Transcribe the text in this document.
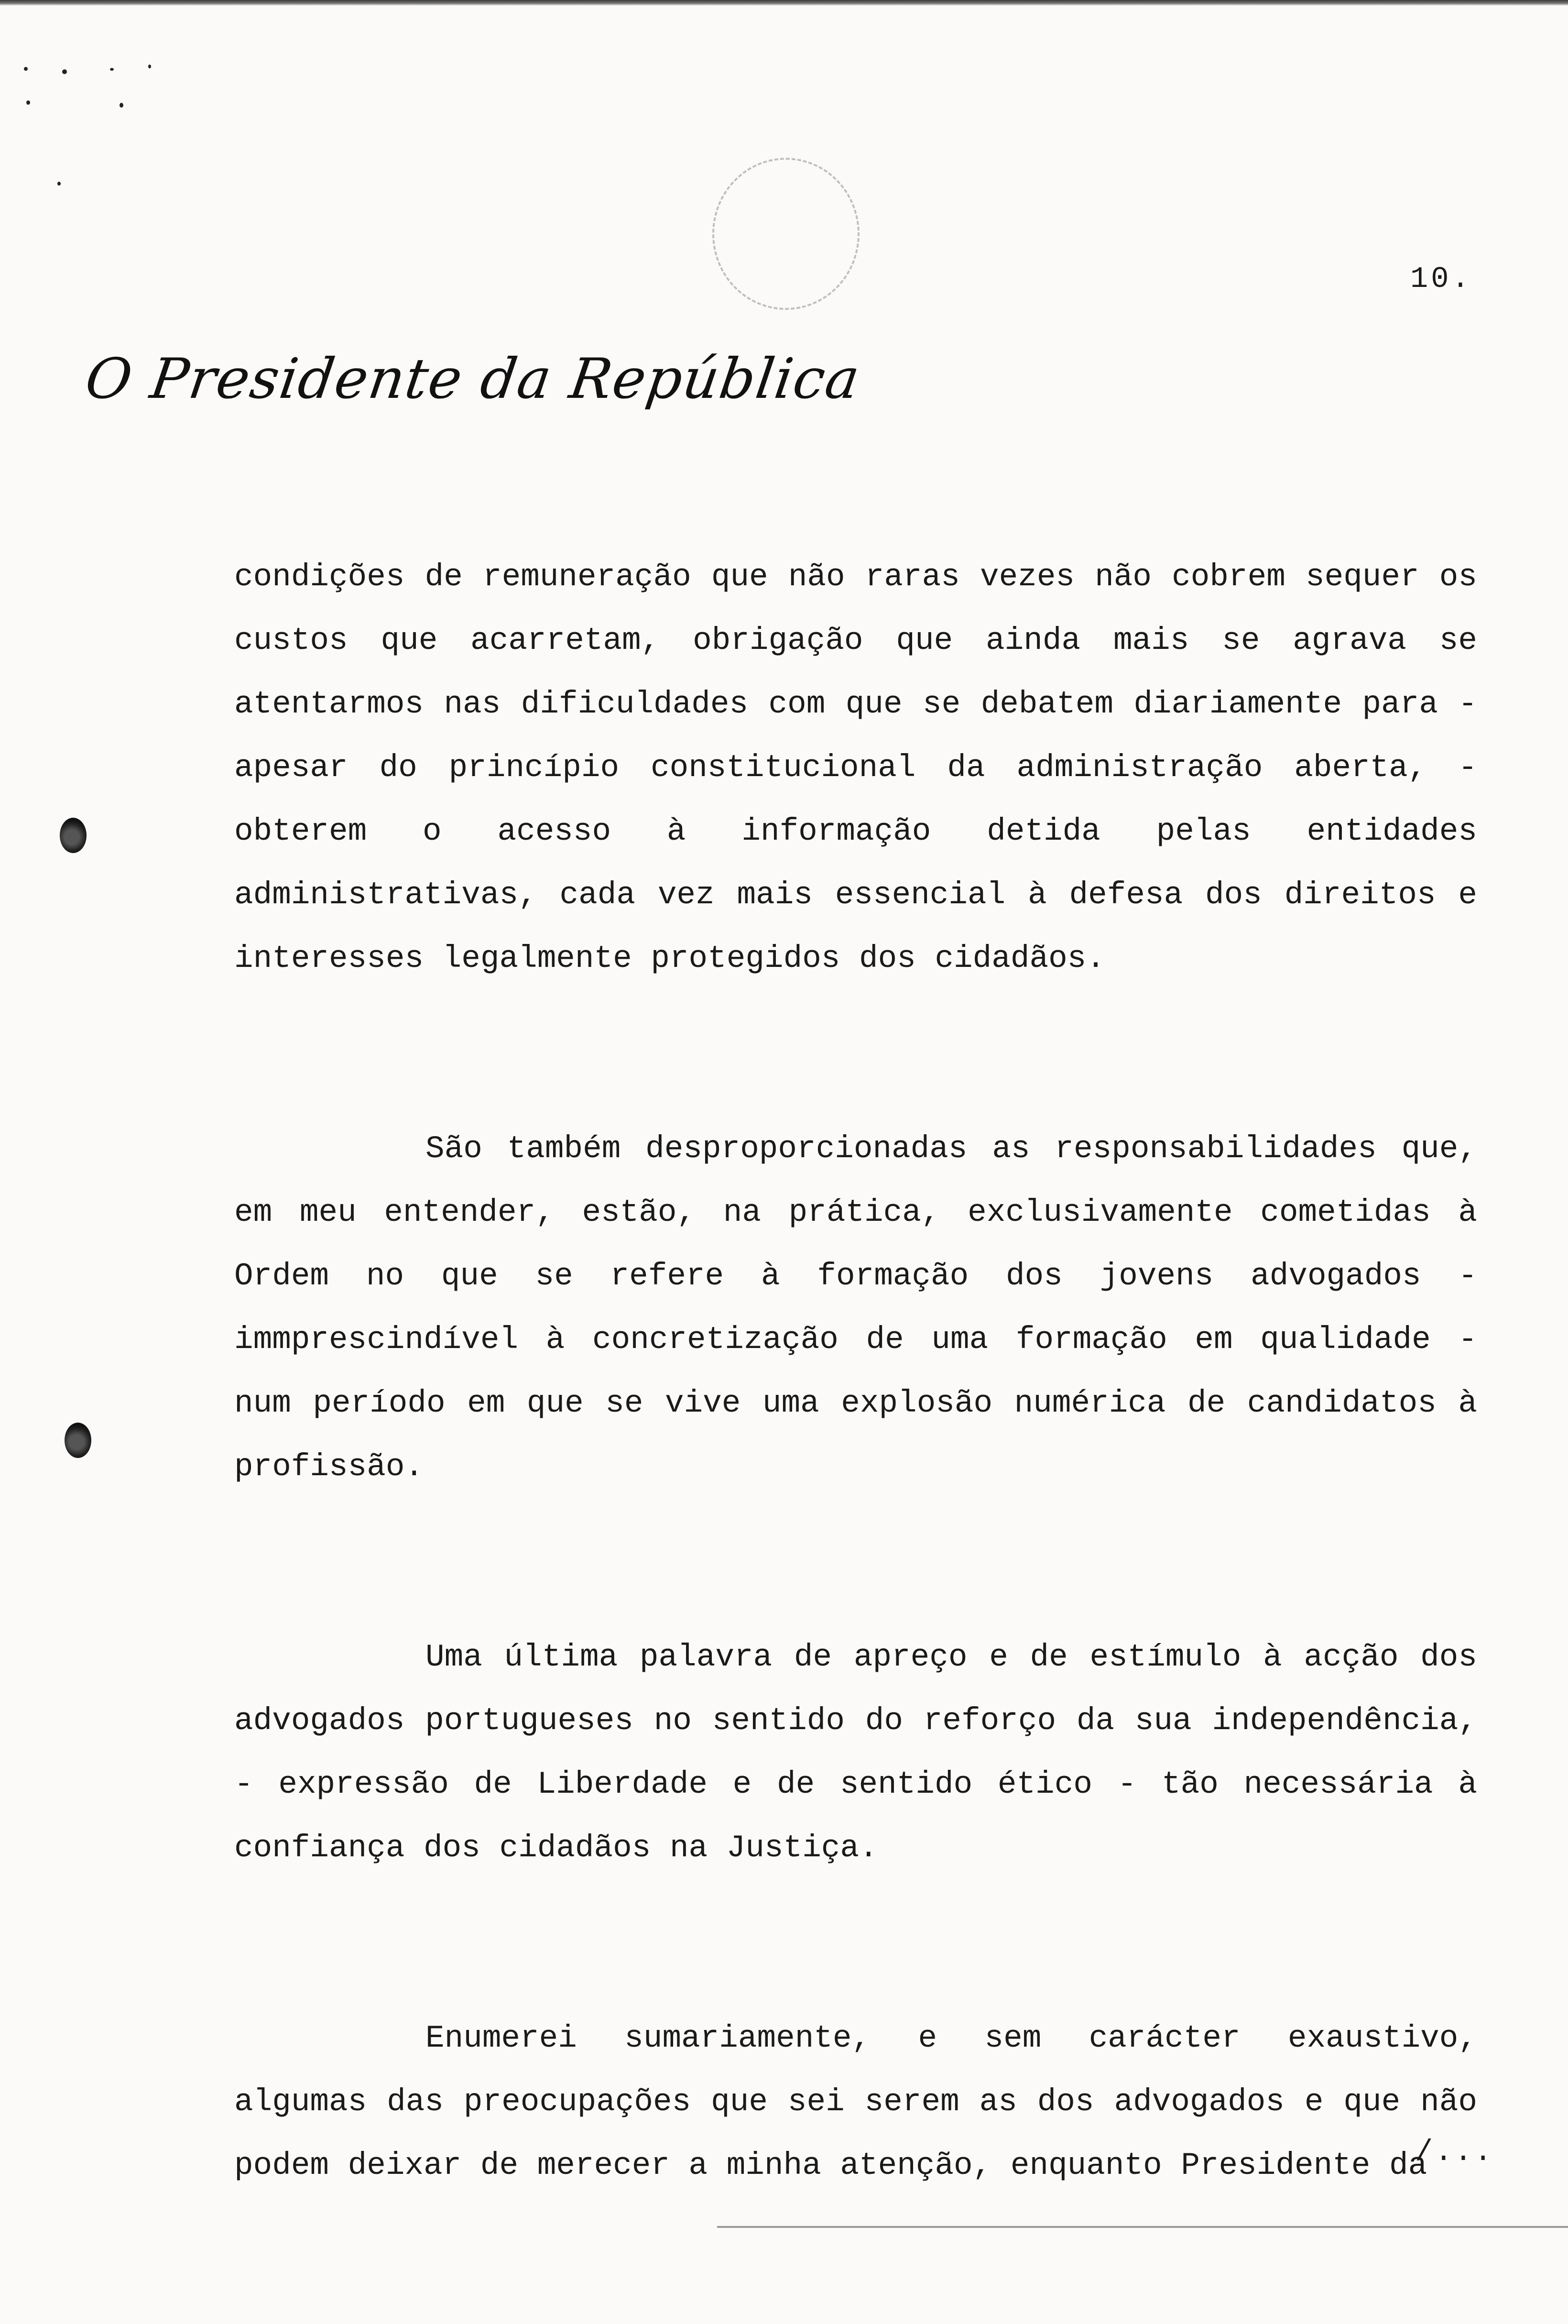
10.
O Presidente da República

condições de remuneração que não raras vezes não cobrem sequer os custos que acarretam, obrigação que ainda mais se agrava se atentarmos nas dificuldades com que se debatem diariamente para - apesar do princípio constitucional da administração aberta, - obterem o acesso à informação detida pelas entidades administrativas, cada vez mais essencial à defesa dos direitos e interesses legalmente protegidos dos cidadãos.

São também desproporcionadas as responsabilidades que, em meu entender, estão, na prática, exclusivamente cometidas à Ordem no que se refere à formação dos jovens advogados - immprescindível à concretização de uma formação em qualidade - num período em que se vive uma explosão numérica de candidatos à profissão.

Uma última palavra de apreço e de estímulo à acção dos advogados portugueses no sentido do reforço da sua independência, - expressão de Liberdade e de sentido ético - tão necessária à confiança dos cidadãos na Justiça.

Enumerei sumariamente, e sem carácter exaustivo, algumas das preocupações que sei serem as dos advogados e que não podem deixar de merecer a minha atenção, enquanto Presidente da

/...
